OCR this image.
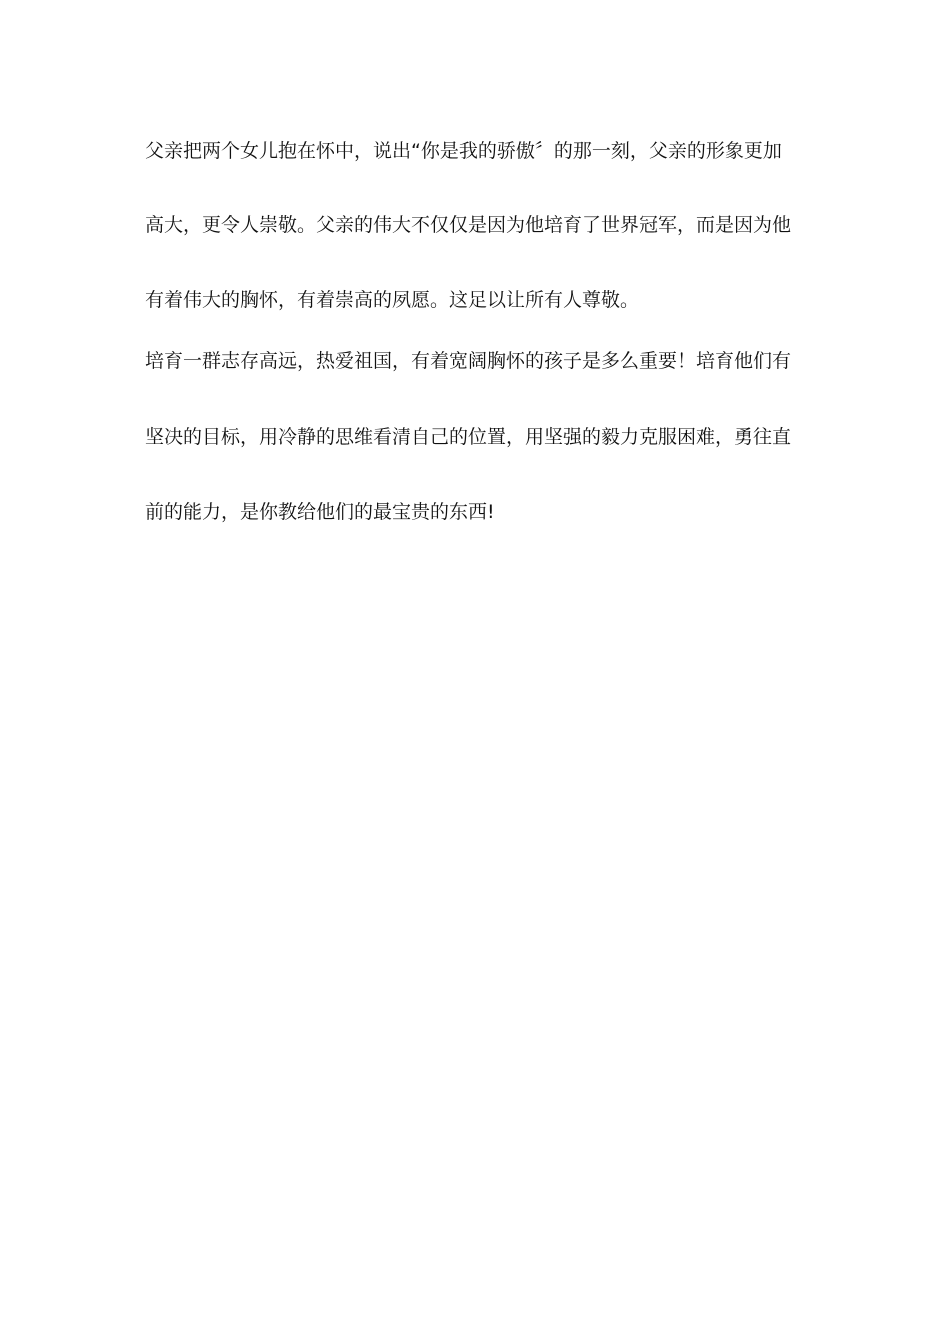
父亲把两个女儿抱在怀中，说出“你是我的骄傲〞的那一刻，父亲的形象更加
高大，更令人崇敬。父亲的伟大不仅仅是因为他培育了世界冠军，而是因为他
有着伟大的胸怀，有着崇高的夙愿。这足以让所有人尊敬。
培育一群志存高远，热爱祖国，有着宽阔胸怀的孩子是多么重要！培育他们有
坚决的目标，用冷静的思维看清自己的位置，用坚强的毅力克服困难，勇往直
前的能力，是你教给他们的最宝贵的东西!
